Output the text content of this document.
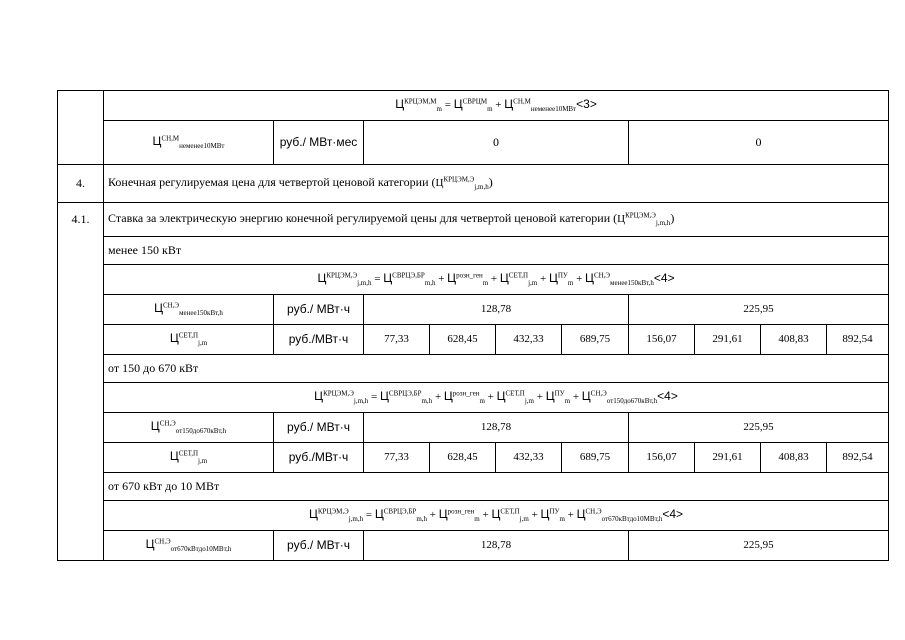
	$Ц^{КРЦЭМ,М}_m = Ц^{СВРЦМ}_m + Ц^{СН,М}_{неменее10МВт}<3>$									
	$Ц^{СН,М}_{неменее10МВт}$	руб./ МВт·мес	0				0			
4.	Конечная регулируемая цена для четвертой ценовой категории $(Ц^{КРЦЭМ,Э}_{j,m,h})$									
4.1.	Ставка за электрическую энергию конечной регулируемой цены для четвертой ценовой категории $(Ц^{КРЦЭМ,Э}_{j,m,h})$									
	менее 150 кВт									
	$Ц^{КРЦЭМ,Э}_{j,m,h} = Ц^{СВРЦЭ,БР}_{m,h} + Ц^{розн\_ген}_m + Ц^{СЕТ,П}_{j,m} + Ц^{ПУ}_m + Ц^{СН,Э}_{менее150кВт,h}<4>$									
	$Ц^{СН,Э}_{менее150кВт,h}$	руб./ МВт·ч	128,78				225,95			
	$Ц^{СЕТ,П}_{j,m}$	руб./МВт·ч	77,33	628,45	432,33	689,75	156,07	291,61	408,83	892,54
	от 150 до 670 кВт									
	$Ц^{КРЦЭМ,Э}_{j,m,h} = Ц^{СВРЦЭ,БР}_{m,h} + Ц^{розн\_ген}_m + Ц^{СЕТ,П}_{j,m} + Ц^{ПУ}_m + Ц^{СН,Э}_{от150до670кВт,h}<4>$									
	$Ц^{СН,Э}_{от150до670кВт,h}$	руб./ МВт·ч	128,78				225,95			
	$Ц^{СЕТ,П}_{j,m}$	руб./МВт·ч	77,33	628,45	432,33	689,75	156,07	291,61	408,83	892,54
	от 670 кВт до 10 МВт									
	$Ц^{КРЦЭМ,Э}_{j,m,h} = Ц^{СВРЦЭ,БР}_{m,h} + Ц^{розн\_ген}_m + Ц^{СЕТ,П}_{j,m} + Ц^{ПУ}_m + Ц^{СН,Э}_{от670кВтдо10МВт,h}<4>$									
	$Ц^{СН,Э}_{от670кВтдо10МВт,h}$	руб./ МВт·ч	128,78				225,95			
